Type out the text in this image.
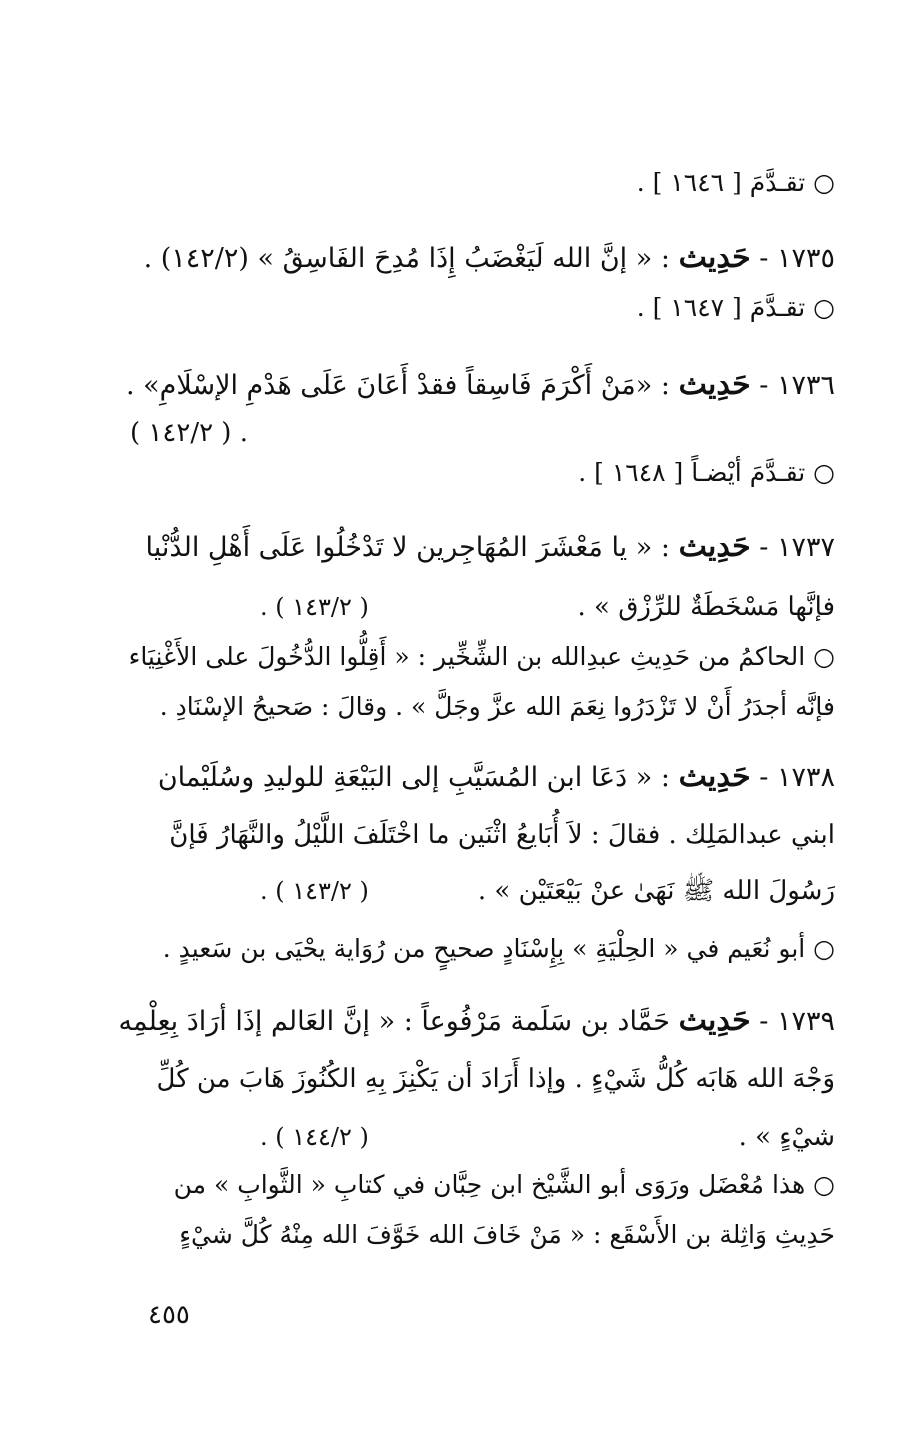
○ تقـدَّمَ [ ١٦٤٦ ] .
١٧٣٥ - حَدِيث : « إنَّ الله لَيَغْضَبُ إِذَا مُدِحَ الفَاسِقُ » (١٤٢/٢) .
○ تقـدَّمَ [ ١٦٤٧ ] .
١٧٣٦ - حَدِيث : «مَنْ أَكْرَمَ فَاسِقاً فقدْ أَعَانَ عَلَى هَدْمِ الإسْلَامِ» .
. ( ١٤٢/٢ )
○ تقـدَّمَ أيْضـاً [ ١٦٤٨ ] .
١٧٣٧ - حَدِيث : « يا مَعْشَرَ المُهَاجِرين لا تَدْخُلُوا عَلَى أَهْلِ الدُّنْيا
فإنَّها مَسْخَطَةٌ للرِّزْق » .
( ١٤٣/٢ ) .
○ الحاكمُ من حَدِيثِ عبدِالله بن الشِّخِّير : « أَقِلُّوا الدُّخُولَ على الأَغْنِيَاء
فإنَّه أجدَرُ أَنْ لا تَزْدَرُوا نِعَمَ الله عزَّ وجَلَّ » . وقالَ : صَحيحُ الإسْنَادِ .
١٧٣٨ - حَدِيث : « دَعَا ابن المُسَيَّبِ إلى البَيْعَةِ للوليدِ وسُلَيْمان
ابني عبدالمَلِك . فقالَ : لاَ أُبَايعُ اثْنَين ما اخْتَلَفَ اللَّيْلُ والنَّهَارُ فَإنَّ
رَسُولَ الله ﷺ نَهَىٰ عنْ بَيْعَتَيْن » .
( ١٤٣/٢ ) .
○ أبو نُعَيم في « الحِلْيَةِ » بِإِسْنَادٍ صحيحٍ من رُوَاية يحْيَى بن سَعيدٍ .
١٧٣٩ - حَدِيث حَمَّاد بن سَلَمة مَرْفُوعاً : « إنَّ العَالم إذَا أرَادَ بِعِلْمِه
وَجْهَ الله هَابَه كُلُّ شَيْءٍ . وإذا أَرَادَ أن يَكْنِزَ بِهِ الكُنُوزَ هَابَ من كُلِّ
شيْءٍ » .
( ١٤٤/٢ ) .
○ هذا مُعْضَل ورَوَى أبو الشَّيْخ ابن حِبَّان في كتابِ « الثَّوابِ » من
حَدِيثِ وَاثِلة بن الأَسْقَع : « مَنْ خَافَ الله خَوَّفَ الله مِنْهُ كُلَّ شيْءٍ
٤٥٥
